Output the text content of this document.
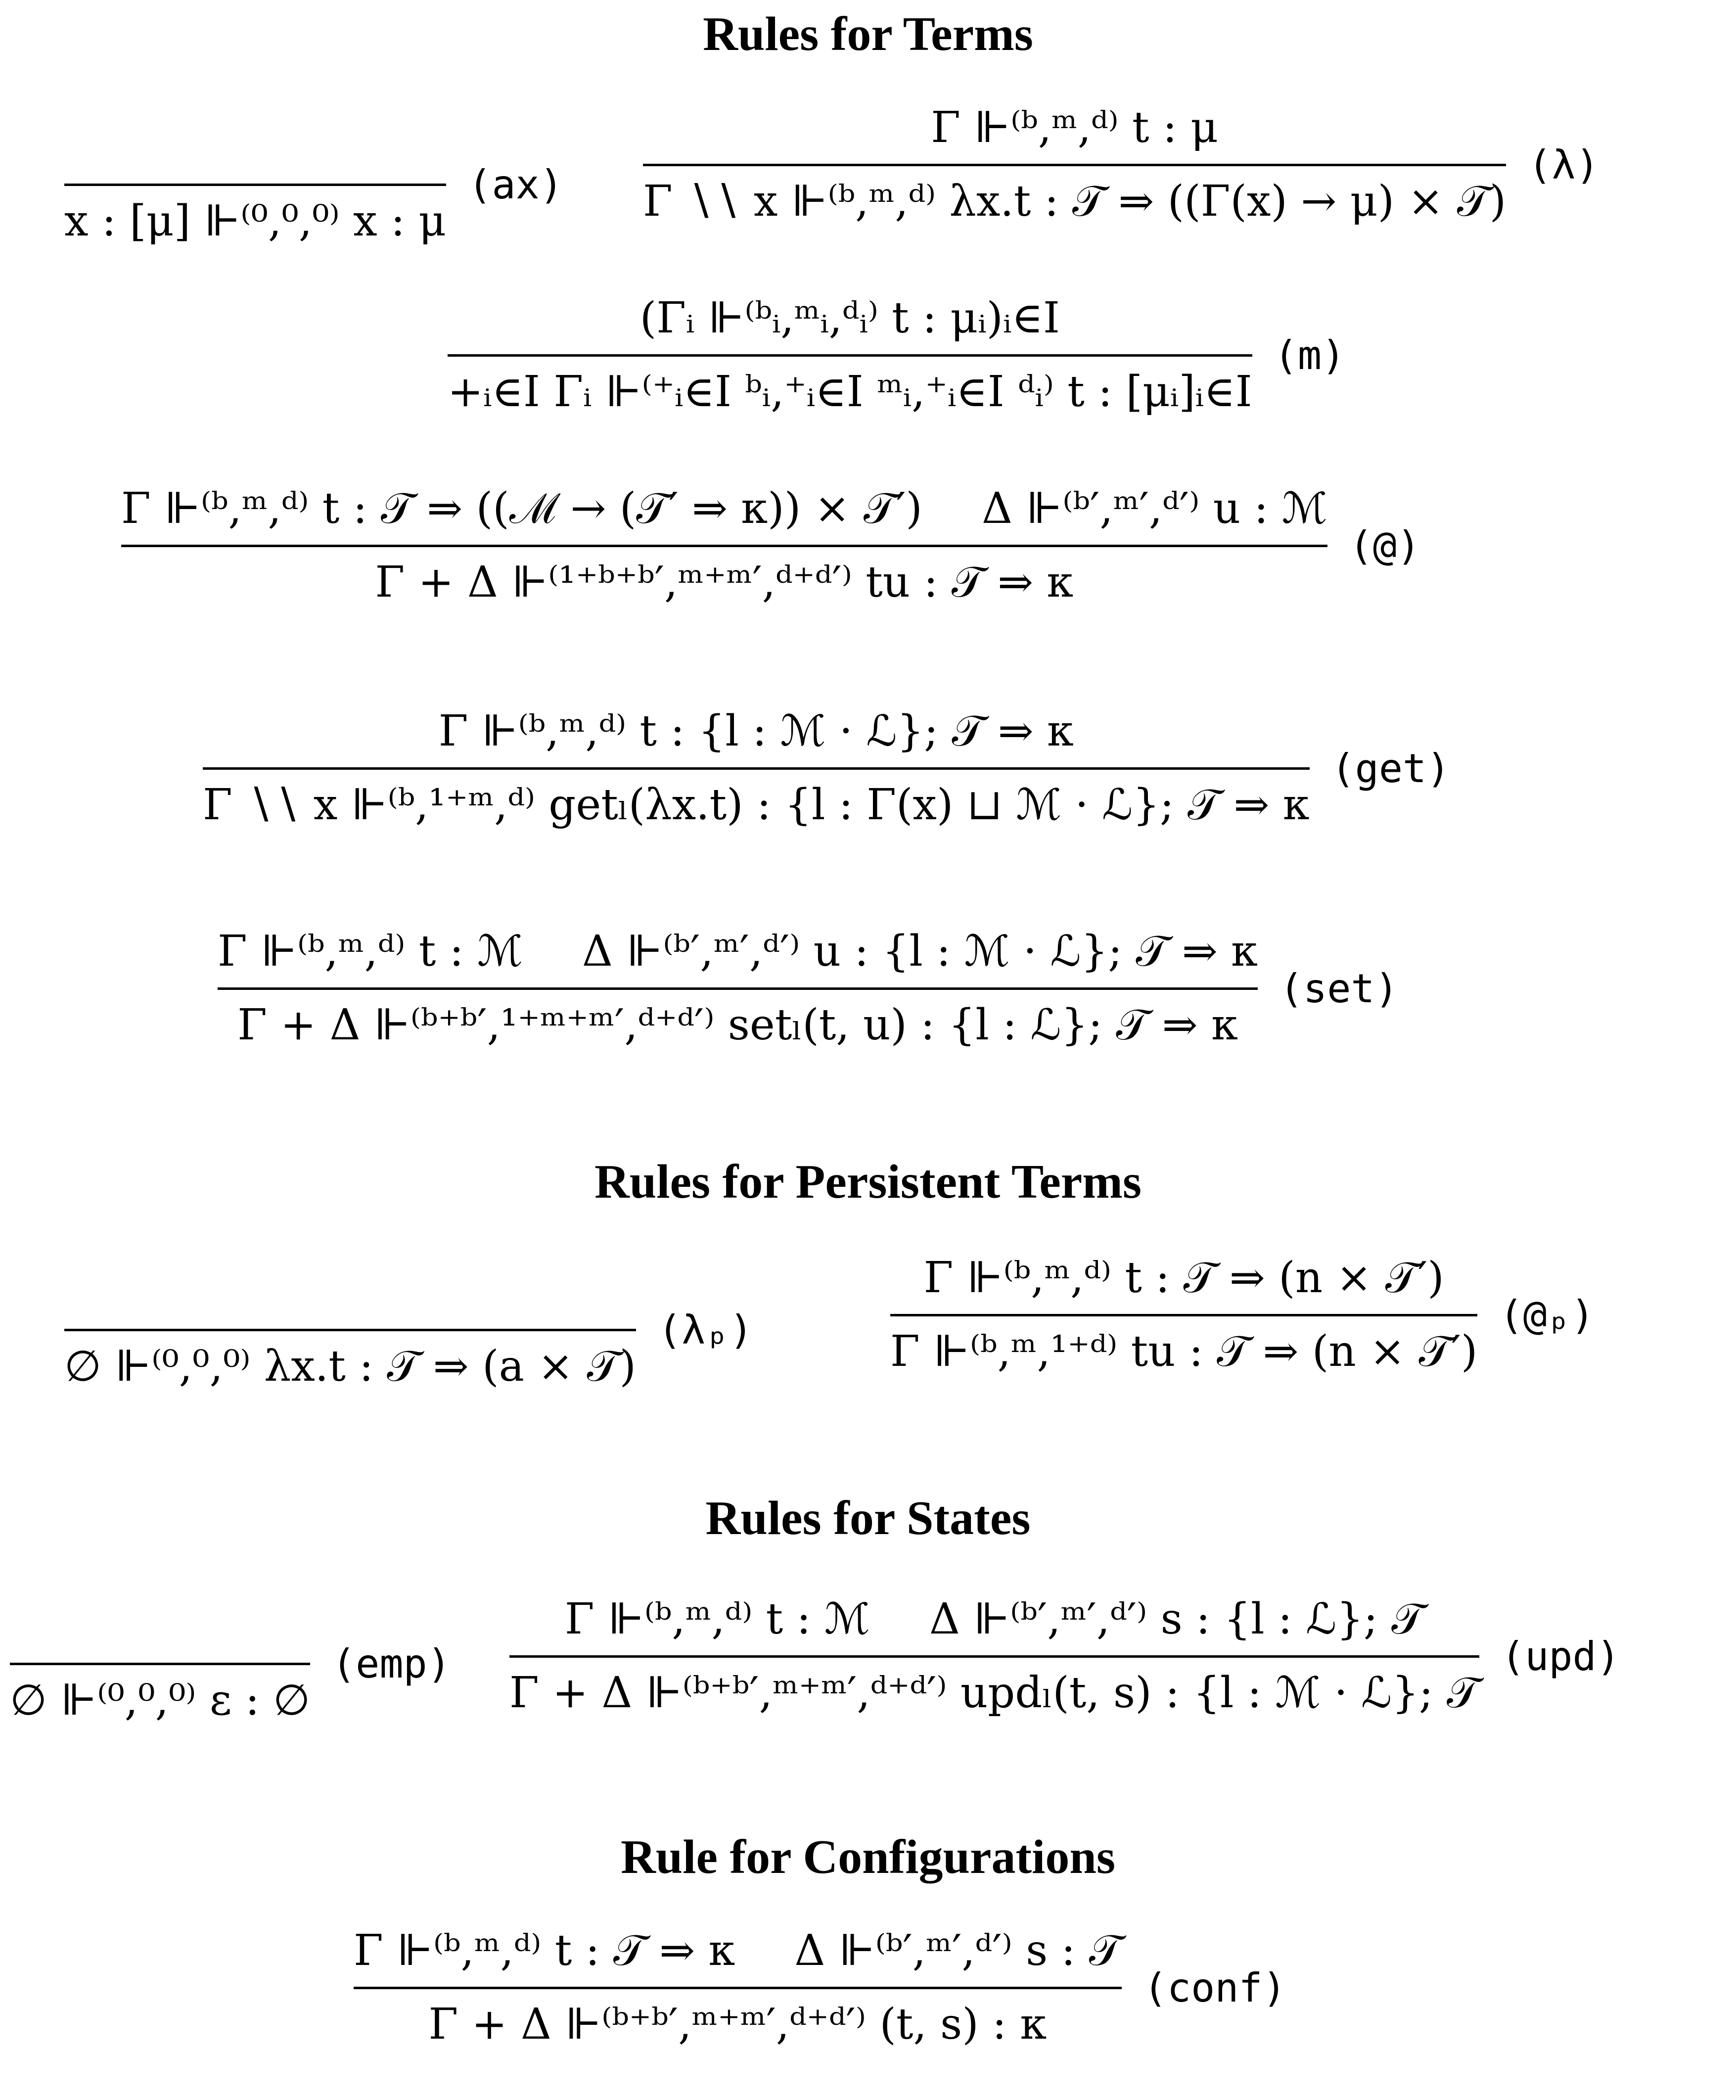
Rules for Terms
Rules for Persistent Terms
Rules for States
Rule for Configurations

x : [μ] ⊩⁽⁰,⁰,⁰⁾ x : μ
(ax)
Γ ⊩⁽ᵇ,ᵐ,ᵈ⁾ t : μ
Γ ∖∖ x ⊩⁽ᵇ,ᵐ,ᵈ⁾ λx.t : 𝒯 ⇒ ((Γ(x) → μ) × 𝒯)
(λ)
(Γᵢ ⊩⁽ᵇᵢ,ᵐᵢ,ᵈᵢ⁾ t : μᵢ)ᵢ∈I
+ᵢ∈I Γᵢ ⊩⁽⁺ᵢ∈I ᵇᵢ,⁺ᵢ∈I ᵐᵢ,⁺ᵢ∈I ᵈᵢ⁾ t : [μᵢ]ᵢ∈I
(m)
Γ ⊩⁽ᵇ,ᵐ,ᵈ⁾ t : 𝒯 ⇒ ((ℳ → (𝒯′ ⇒ κ)) × 𝒯′) Δ ⊩⁽ᵇ′,ᵐ′,ᵈ′⁾ u : ℳ
Γ + Δ ⊩⁽¹⁺ᵇ⁺ᵇ′,ᵐ⁺ᵐ′,ᵈ⁺ᵈ′⁾ tu : 𝒯 ⇒ κ
(@)
Γ ⊩⁽ᵇ,ᵐ,ᵈ⁾ t : {l : ℳ · ℒ}; 𝒯 ⇒ κ
Γ ∖∖ x ⊩⁽ᵇ,¹⁺ᵐ,ᵈ⁾ getₗ(λx.t) : {l : Γ(x) ⊔ ℳ · ℒ}; 𝒯 ⇒ κ
(get)
Γ ⊩⁽ᵇ,ᵐ,ᵈ⁾ t : ℳ Δ ⊩⁽ᵇ′,ᵐ′,ᵈ′⁾ u : {l : ℳ · ℒ}; 𝒯 ⇒ κ
Γ + Δ ⊩⁽ᵇ⁺ᵇ′,¹⁺ᵐ⁺ᵐ′,ᵈ⁺ᵈ′⁾ setₗ(t, u) : {l : ℒ}; 𝒯 ⇒ κ
(set)

∅ ⊩⁽⁰,⁰,⁰⁾ λx.t : 𝒯 ⇒ (a × 𝒯)
(λₚ)
Γ ⊩⁽ᵇ,ᵐ,ᵈ⁾ t : 𝒯 ⇒ (n × 𝒯′)
Γ ⊩⁽ᵇ,ᵐ,¹⁺ᵈ⁾ tu : 𝒯 ⇒ (n × 𝒯′)
(@ₚ)

∅ ⊩⁽⁰,⁰,⁰⁾ ε : ∅
(emp)
Γ ⊩⁽ᵇ,ᵐ,ᵈ⁾ t : ℳ Δ ⊩⁽ᵇ′,ᵐ′,ᵈ′⁾ s : {l : ℒ}; 𝒯
Γ + Δ ⊩⁽ᵇ⁺ᵇ′,ᵐ⁺ᵐ′,ᵈ⁺ᵈ′⁾ updₗ(t, s) : {l : ℳ · ℒ}; 𝒯
(upd)
Γ ⊩⁽ᵇ,ᵐ,ᵈ⁾ t : 𝒯 ⇒ κ Δ ⊩⁽ᵇ′,ᵐ′,ᵈ′⁾ s : 𝒯
Γ + Δ ⊩⁽ᵇ⁺ᵇ′,ᵐ⁺ᵐ′,ᵈ⁺ᵈ′⁾ (t, s) : κ
(conf)
